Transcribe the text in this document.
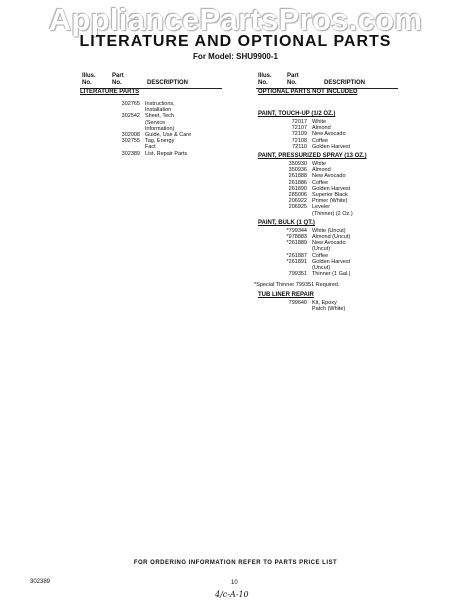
AppliancePartsPros.com
LITERATURE AND OPTIONAL PARTS
For Model: SHU9900-1
Illus.
No.
Part
No.	DESCRIPTION
LITERATURE PARTS
302765 Instructions,
Installation
302542 Sheet, Tech
(Service
Information)
302008 Guide, Use & Care
302755 Tag, Energy
Fact
302389 List, Repair Parts
Illus.
No.
Part
No.	DESCRIPTION
OPTIONAL PARTS NOT INCLUDED
PAINT, TOUCH-UP (1/2 OZ.)
72017 White
72107 Almond
72109 New Avocado
72108 Coffee
72110 Golden Harvest
PAINT, PRESSURIZED SPRAY (13 OZ.)
350930 White
350936 Almond
261888 New Avocado
261886 Coffee
261890 Golden Harvest
285006 Superior Black
206922 Primer (White)
206925 Leveler
(Thinner) (2 Oz.)
PAINT, BULK (1 QT.)
*799344 White (Uncut)
*978883 Almond (Uncut)
*261889 New Avocado
(Uncut)
*261887 Coffee
*261891 Golden Harvest
(Uncut)
799351 Thinner (1 Gal.)
*Special Thinner 799351 Required.
TUB LINER REPAIR
799640 Kit, Epoxy
Patch (White)
FOR ORDERING INFORMATION REFER TO PARTS PRICE LIST
302389	10
4/c-A-10
